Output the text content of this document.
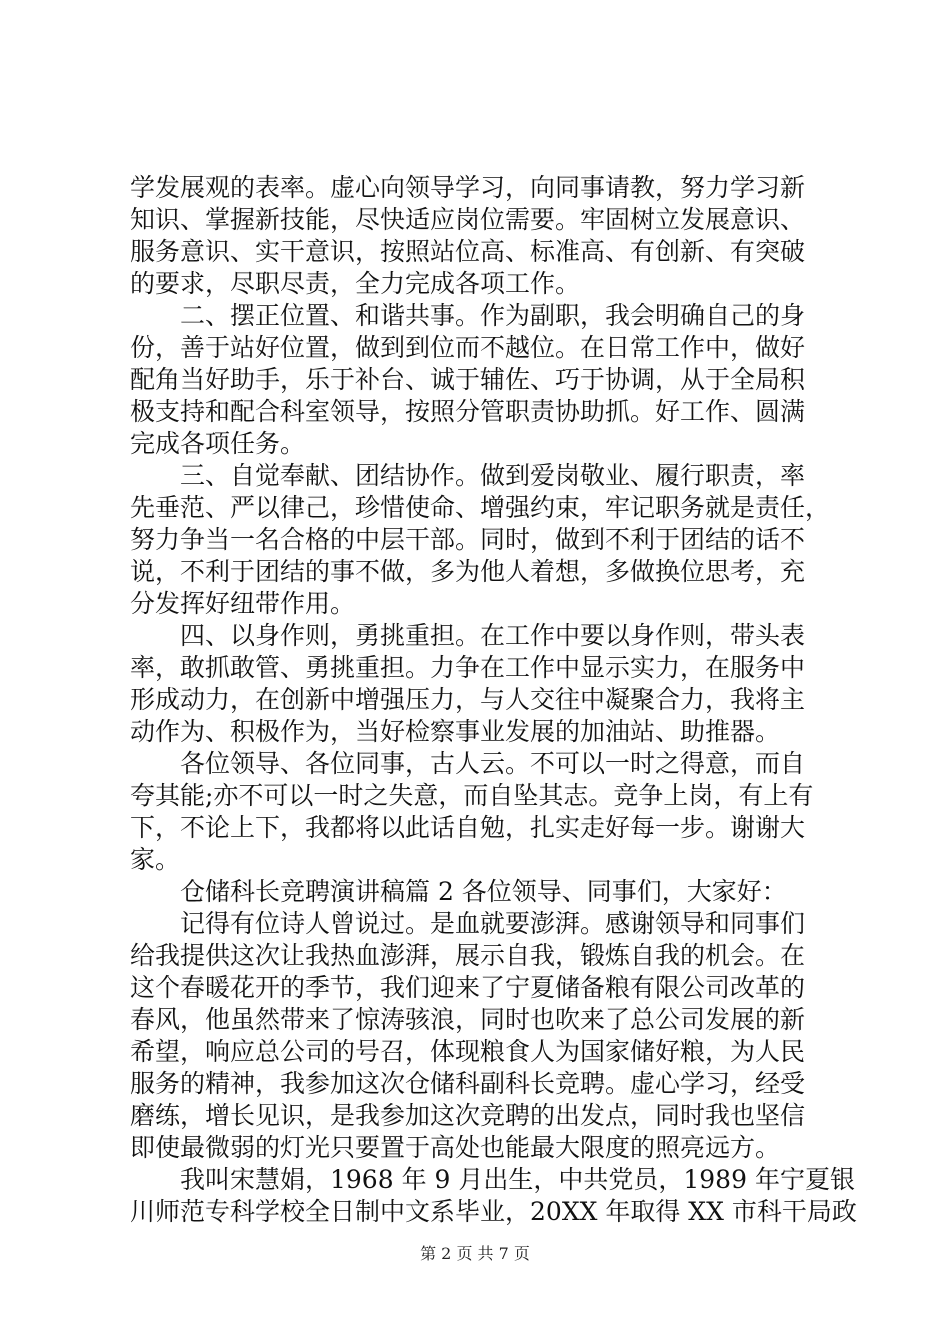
学发展观的表率。虚心向领导学习，向同事请教，努力学习新
知识、掌握新技能，尽快适应岗位需要。牢固树立发展意识、
服务意识、实干意识，按照站位高、标准高、有创新、有突破
的要求，尽职尽责，全力完成各项工作。
二、摆正位置、和谐共事。作为副职，我会明确自己的身
份，善于站好位置，做到到位而不越位。在日常工作中，做好
配角当好助手，乐于补台、诚于辅佐、巧于协调，从于全局积
极支持和配合科室领导，按照分管职责协助抓。好工作、圆满
完成各项任务。
三、自觉奉献、团结协作。做到爱岗敬业、履行职责，率
先垂范、严以律己，珍惜使命、增强约束，牢记职务就是责任，
努力争当一名合格的中层干部。同时，做到不利于团结的话不
说，不利于团结的事不做，多为他人着想，多做换位思考，充
分发挥好纽带作用。
四、以身作则，勇挑重担。在工作中要以身作则，带头表
率，敢抓敢管、勇挑重担。力争在工作中显示实力，在服务中
形成动力，在创新中增强压力，与人交往中凝聚合力，我将主
动作为、积极作为，当好检察事业发展的加油站、助推器。
各位领导、各位同事，古人云。不可以一时之得意，而自
夸其能;亦不可以一时之失意，而自坠其志。竞争上岗，有上有
下，不论上下，我都将以此话自勉，扎实走好每一步。谢谢大
家。
仓储科长竞聘演讲稿篇 2 各位领导、同事们，大家好：
记得有位诗人曾说过。是血就要澎湃。感谢领导和同事们
给我提供这次让我热血澎湃，展示自我，锻炼自我的机会。在
这个春暖花开的季节，我们迎来了宁夏储备粮有限公司改革的
春风，他虽然带来了惊涛骇浪，同时也吹来了总公司发展的新
希望，响应总公司的号召，体现粮食人为国家储好粮，为人民
服务的精神，我参加这次仓储科副科长竞聘。虚心学习，经受
磨练，增长见识，是我参加这次竞聘的出发点，同时我也坚信
即使最微弱的灯光只要置于高处也能最大限度的照亮远方。
我叫宋慧娟，1968 年 9 月出生，中共党员，1989 年宁夏银
川师范专科学校全日制中文系毕业，20XX 年取得 XX 市科干局政
第 2 页 共 7 页
